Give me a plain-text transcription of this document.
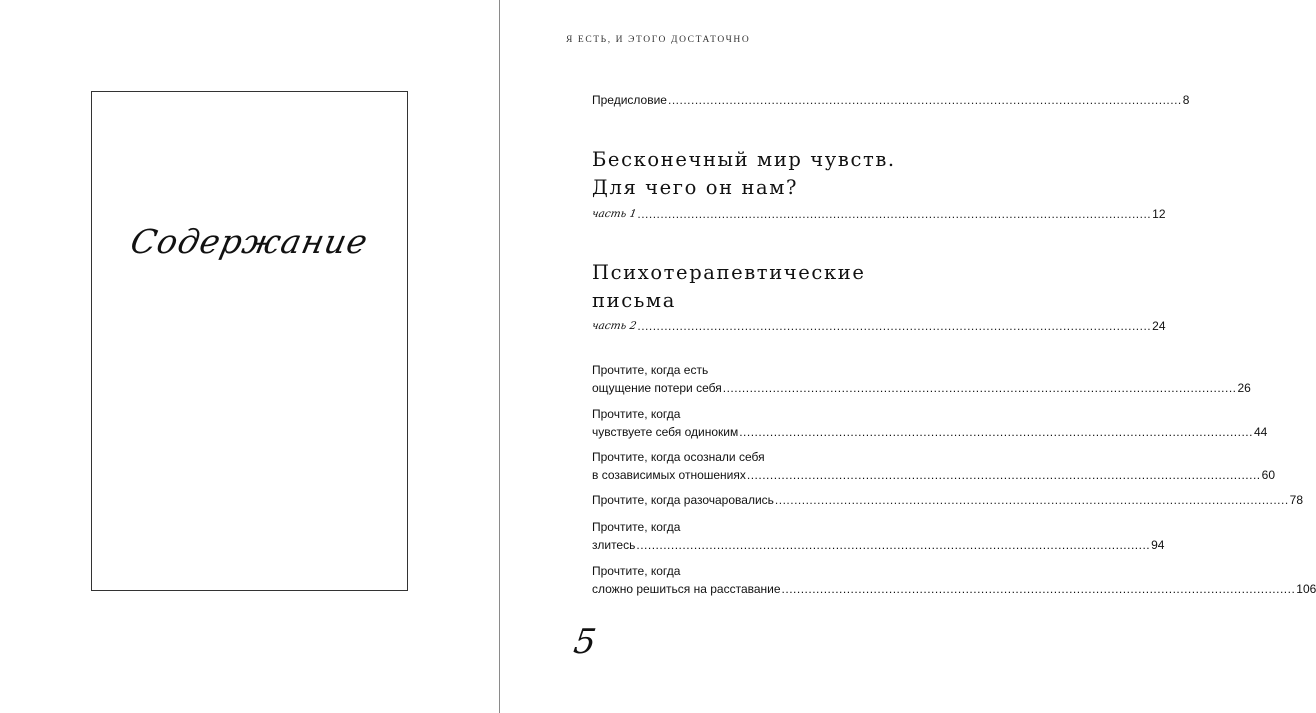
Содержание
Я ЕСТЬ, И ЭТОГО ДОСТАТОЧНО
Предисловие ...................................................................................................................................... 8
Бесконечный мир чувств.
Для чего он нам?
часть 1 ...................................................................................................................................... 12
Психотерапевтические
письма
часть 2 ...................................................................................................................................... 24
Прочтите, когда есть
ощущение потери себя ...................................................................................................................................... 26
Прочтите, когда
чувствуете себя одиноким ...................................................................................................................................... 44
Прочтите, когда осознали себя
в созависимых отношениях ...................................................................................................................................... 60
Прочтите, когда разочаровались ...................................................................................................................................... 78
Прочтите, когда
злитесь ...................................................................................................................................... 94
Прочтите, когда
сложно решиться на расставание ...................................................................................................................................... 106
5
